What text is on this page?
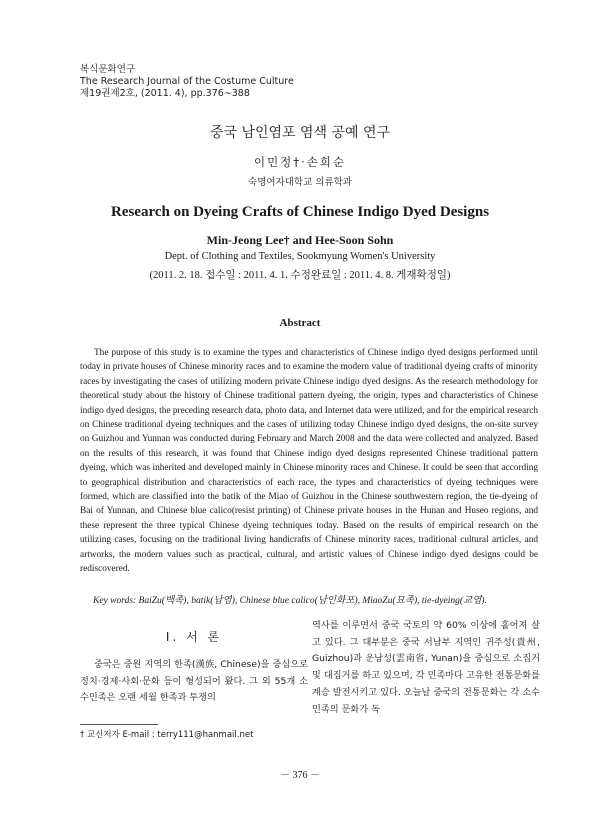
복식문화연구
The Research Journal of the Costume Culture
제19권제2호, (2011. 4), pp.376∼388
중국 남인염포 염색 공예 연구
이민정†·손희순
숙명여자대학교 의류학과
Research on Dyeing Crafts of Chinese Indigo Dyed Designs
Min-Jeong Lee† and Hee-Soon Sohn
Dept. of Clothing and Textiles, Sookmyung Women's University
(2011. 2. 18. 접수일 : 2011. 4. 1. 수정완료일 : 2011. 4. 8. 게재확정일)
Abstract

The purpose of this study is to examine the types and characteristics of Chinese indigo dyed designs performed until today in private houses of Chinese minority races and to examine the modern value of traditional dyeing crafts of minority races by investigating the cases of utilizing modern private Chinese indigo dyed designs. As the research methodology for theoretical study about the history of Chinese traditional pattern dyeing, the origin, types and characteristics of Chinese indigo dyed designs, the preceding research data, photo data, and Internet data were utilized, and for the empirical research on Chinese traditional dyeing techniques and the cases of utilizing today Chinese indigo dyed designs, the on-site survey on Guizhou and Yunnan was conducted during February and March 2008 and the data were collected and analyzed. Based on the results of this research, it was found that Chinese indigo dyed designs represented Chinese traditional pattern dyeing, which was inherited and developed mainly in Chinese minority races and Chinese. It could be seen that according to geographical distribution and characteristics of each race, the types and characteristics of dyeing techniques were formed, which are classified into the batik of the Miao of Guizhou in the Chinese southwestern region, the tie-dyeing of Bai of Yunnan, and Chinese blue calico(resist printing) of Chinese private houses in the Hunan and Huseo regions, and these represent the three typical Chinese dyeing techniques today. Based on the results of empirical research on the utilizing cases, focusing on the traditional living handicrafts of Chinese minority races, traditional cultural articles, and artworks, the modern values such as practical, cultural, and artistic values of Chinese indigo dyed designs could be rediscovered.

Key words: BaiZu(백족), batik(납염), Chinese blue calico(남인화포), MiaoZu(묘족), tie-dyeing(교염).
Ⅰ. 서 론

중국은 중원 지역의 한족(漢族, Chinese)을 중심으로 정치·경제·사회·문화 등이 형성되어 왔다. 그 외 55개 소수민족은 오랜 세월 한족과 투쟁의

역사를 이루면서 중국 국토의 약 60% 이상에 흩어져 살고 있다. 그 대부분은 중국 서남부 지역인 귀주성(貴州, Guizhou)과 운남성(雲南省, Yunan)을 중심으로 소집거 및 대집거를 하고 있으며, 각 민족마다 고유한 전통문화를 계승 발전시키고 있다. 오늘날 중국의 전통문화는 각 소수민족의 문화가 독

† 교신저자 E-mail : terry111@hanmail.net
－ 376 －
